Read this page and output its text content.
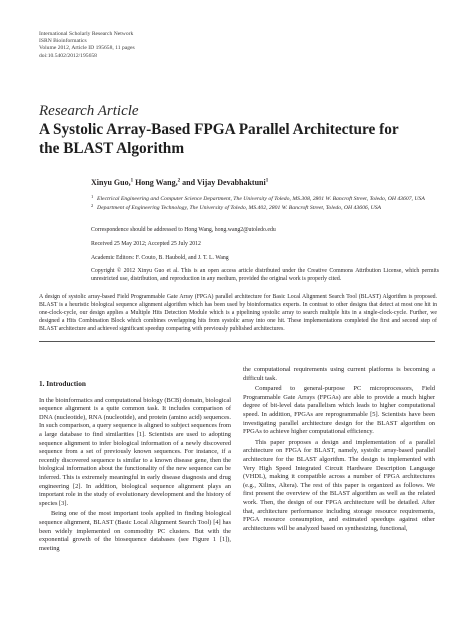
International Scholarly Research Network
ISRN Bioinformatics
Volume 2012, Article ID 195658, 11 pages
doi:10.5402/2012/195658
Research Article
A Systolic Array-Based FPGA Parallel Architecture for the BLAST Algorithm
Xinyu Guo,$^1$ Hong Wang,$^2$ and Vijay Devabhaktuni$^1$
1 Electrical Engineering and Computer Science Department, The University of Toledo, MS.308, 2801 W. Bancroft Street, Toledo, OH 43607, USA
2 Department of Engineering Technology, The University of Toledo, MS.402, 2801 W. Bancroft Street, Toledo, OH 43606, USA
Correspondence should be addressed to Hong Wang, hong.wang2@utoledo.edu
Received 25 May 2012; Accepted 25 July 2012
Academic Editors: F. Couto, B. Haubold, and J. T. L. Wang
Copyright © 2012 Xinyu Guo et al. This is an open access article distributed under the Creative Commons Attribution License, which permits unrestricted use, distribution, and reproduction in any medium, provided the original work is properly cited.
A design of systolic array-based Field Programmable Gate Array (FPGA) parallel architecture for Basic Local Alignment Search Tool (BLAST) Algorithm is proposed. BLAST is a heuristic biological sequence alignment algorithm which has been used by bioinformatics experts. In contrast to other designs that detect at most one hit in one-clock-cycle, our design applies a Multiple Hits Detection Module which is a pipelining systolic array to search multiple hits in a single-clock-cycle. Further, we designed a Hits Combination Block which combines overlapping hits from systolic array into one hit. These implementations completed the first and second step of BLAST architecture and achieved significant speedup comparing with previously published architectures.
1. Introduction

In the bioinformatics and computational biology (BCB) domain, biological sequence alignment is a quite common task. It includes comparison of DNA (nucleotide), RNA (nucleotide), and protein (amino acid) sequences. In such comparison, a query sequence is aligned to subject sequences from a large database to find similarities [1]. Scientists are used to adopting sequence alignment to infer biological information of a newly discovered sequence from a set of previously known sequences. For instance, if a recently discovered sequence is similar to a known disease gene, then the biological information about the functionality of the new sequence can be inferred. This is extremely meaningful in early disease diagnosis and drug engineering [2]. In addition, biological sequence alignment plays an important role in the study of evolutionary development and the history of species [3].

Being one of the most important tools applied in finding biological sequence alignment, BLAST (Basic Local Alignment Search Tool) [4] has been widely implemented on commodity PC clusters. But with the exponential growth of the biosequence databases (see Figure 1 [1]), meeting

the computational requirements using current platforms is becoming a difficult task.

Compared to general-purpose PC microprocessors, Field Programmable Gate Arrays (FPGAs) are able to provide a much higher degree of bit-level data parallelism which leads to higher computational speed. In addition, FPGAs are reprogrammable [5]. Scientists have been investigating parallel architecture design for the BLAST algorithm on FPGAs to achieve higher computational efficiency.

This paper proposes a design and implementation of a parallel architecture on FPGA for BLAST, namely, systolic array-based parallel architecture for the BLAST algorithm. The design is implemented with Very High Speed Integrated Circuit Hardware Description Language (VHDL), making it compatible across a number of FPGA architectures (e.g., Xilinx, Altera). The rest of this paper is organized as follows. We first present the overview of the BLAST algorithm as well as the related work. Then, the design of our FPGA architecture will be detailed. After that, architecture performance including storage resource requirements, FPGA resource consumption, and estimated speedups against other architectures will be analyzed based on synthesizing, functional,
